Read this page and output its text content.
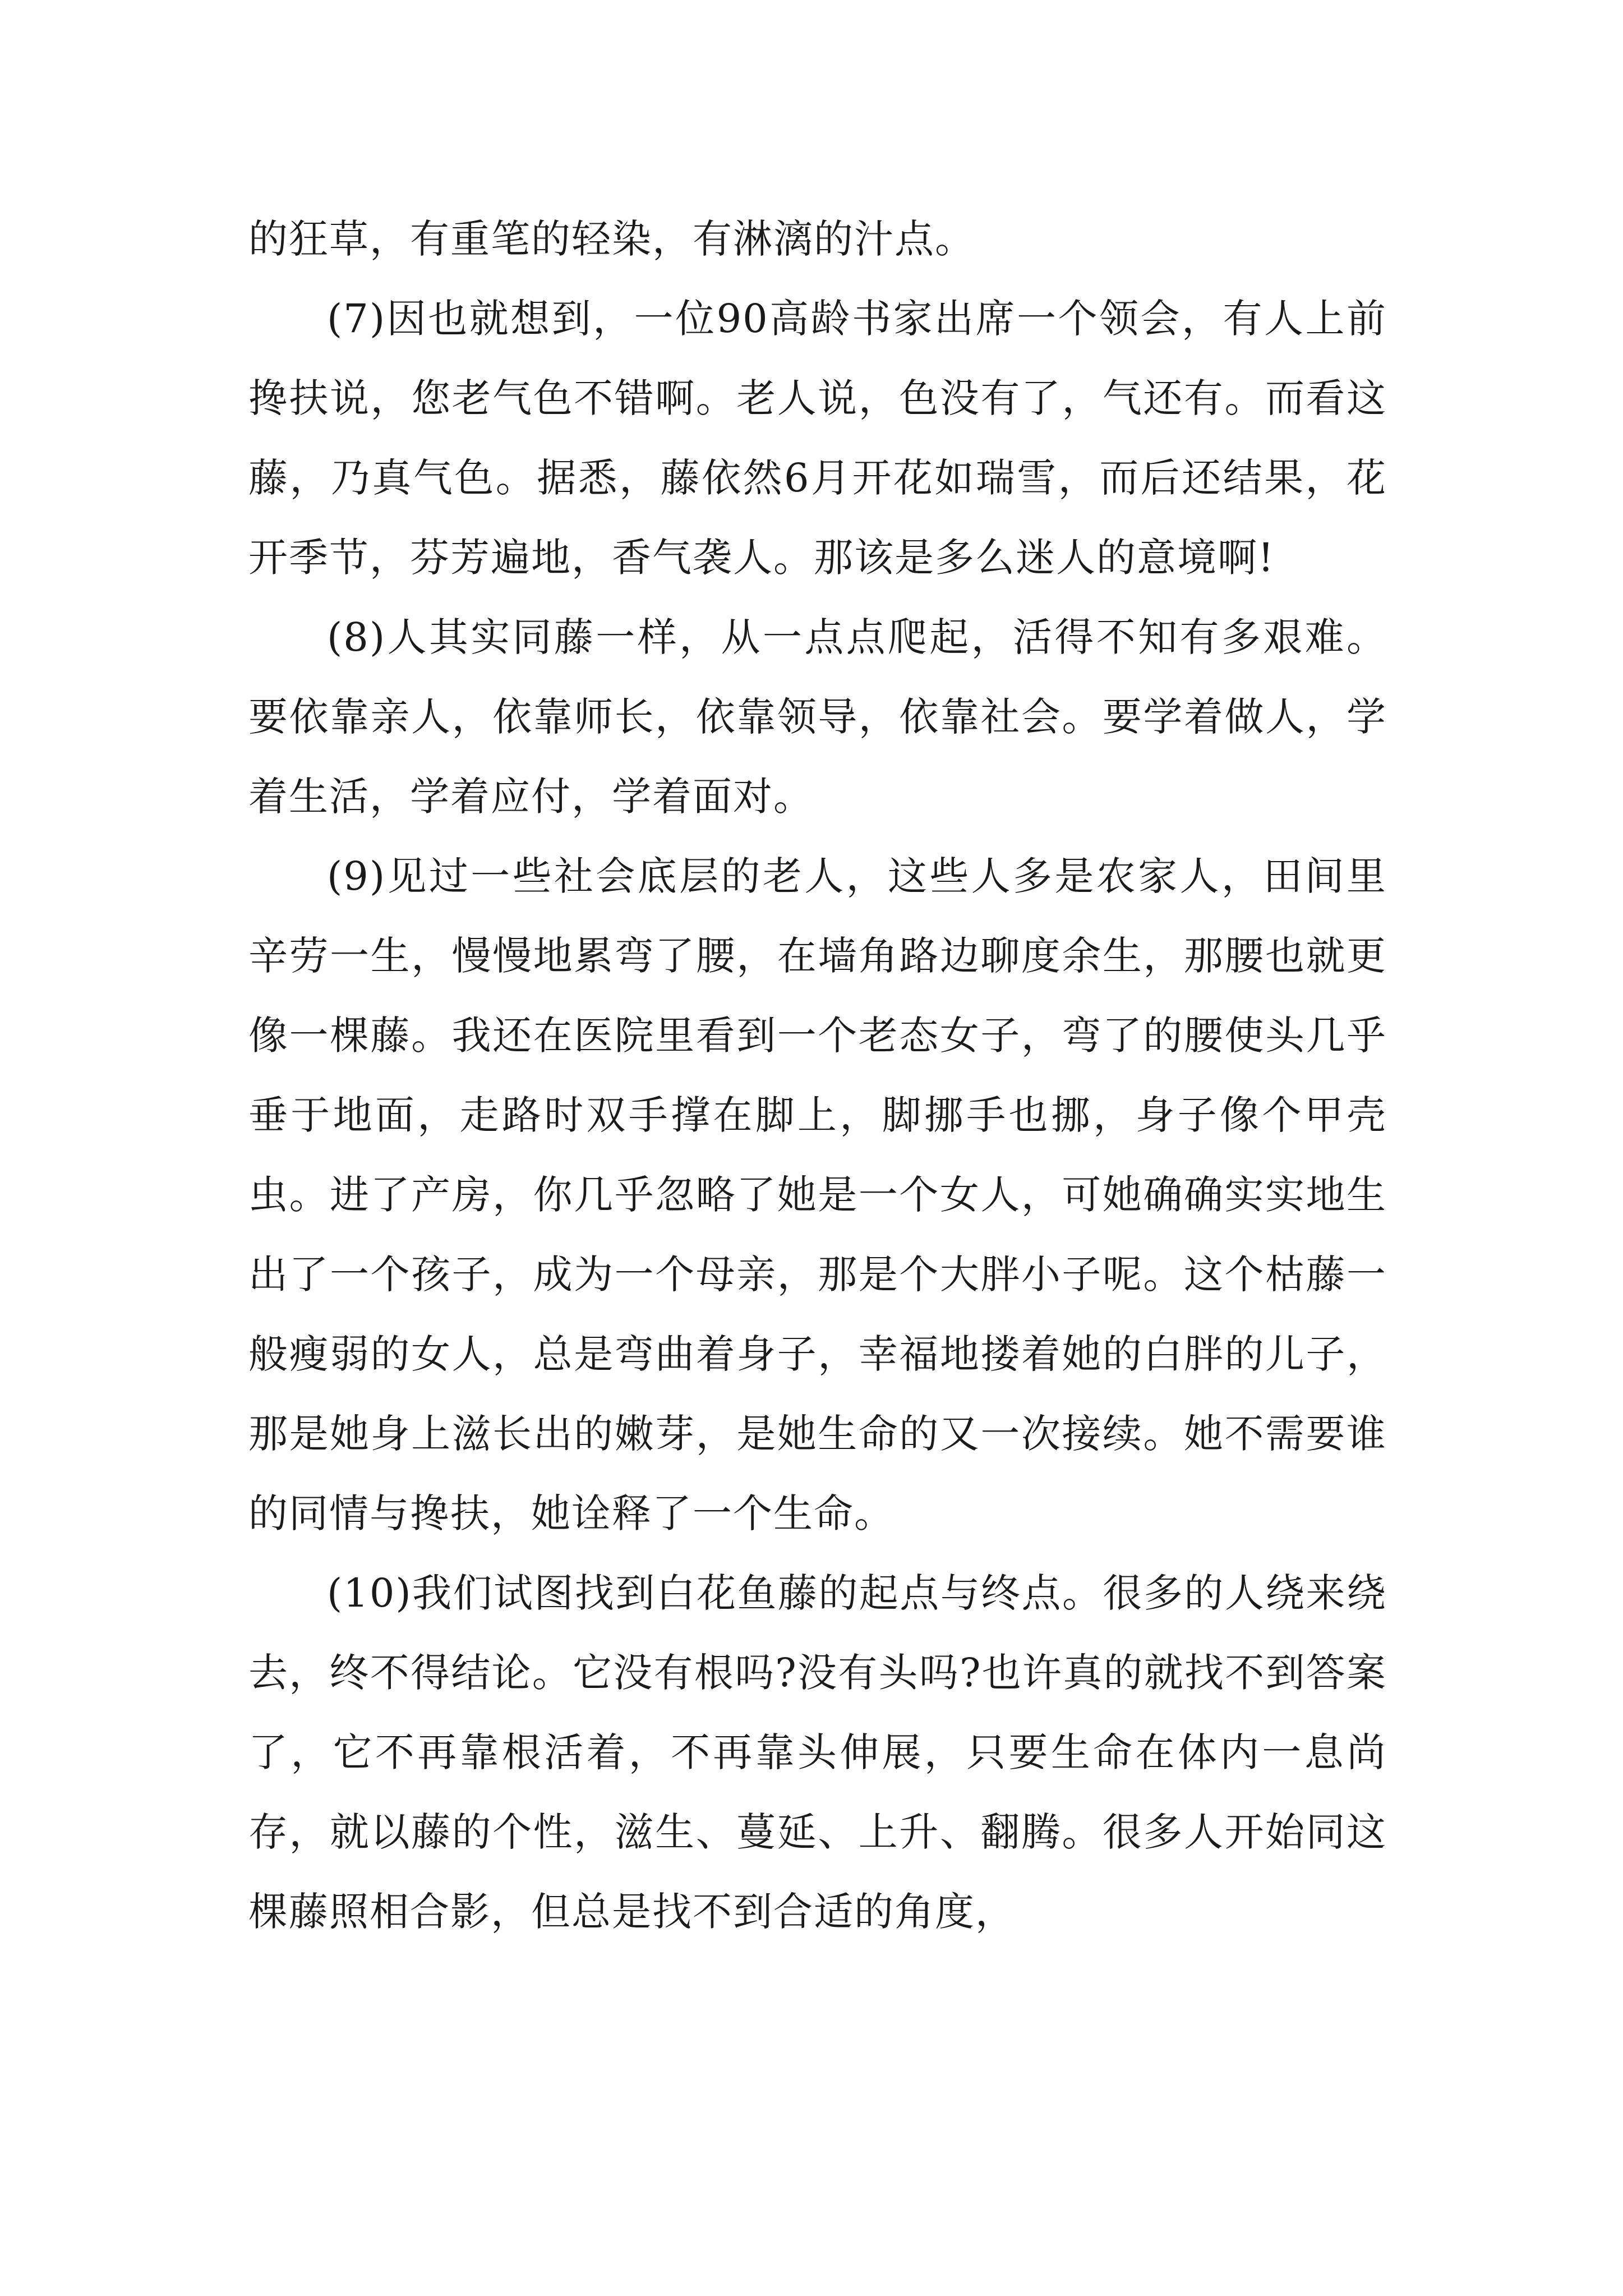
的狂草，有重笔的轻染，有淋漓的汁点。

(7)因也就想到，一位90高龄书家出席一个领会，有人上前搀扶说，您老气色不错啊。老人说，色没有了，气还有。而看这藤，乃真气色。据悉，藤依然6月开花如瑞雪，而后还结果，花开季节，芬芳遍地，香气袭人。那该是多么迷人的意境啊!

(8)人其实同藤一样，从一点点爬起，活得不知有多艰难。要依靠亲人，依靠师长，依靠领导，依靠社会。要学着做人，学着生活，学着应付，学着面对。

(9)见过一些社会底层的老人，这些人多是农家人，田间里辛劳一生，慢慢地累弯了腰，在墙角路边聊度余生，那腰也就更像一棵藤。我还在医院里看到一个老态女子，弯了的腰使头几乎垂于地面，走路时双手撑在脚上，脚挪手也挪，身子像个甲壳虫。进了产房，你几乎忽略了她是一个女人，可她确确实实地生出了一个孩子，成为一个母亲，那是个大胖小子呢。这个枯藤一般瘦弱的女人，总是弯曲着身子，幸福地搂着她的白胖的儿子，那是她身上滋长出的嫩芽，是她生命的又一次接续。她不需要谁的同情与搀扶，她诠释了一个生命。

(10)我们试图找到白花鱼藤的起点与终点。很多的人绕来绕去，终不得结论。它没有根吗?没有头吗?也许真的就找不到答案了，它不再靠根活着，不再靠头伸展，只要生命在体内一息尚存，就以藤的个性，滋生、蔓延、上升、翻腾。很多人开始同这棵藤照相合影，但总是找不到合适的角度，
